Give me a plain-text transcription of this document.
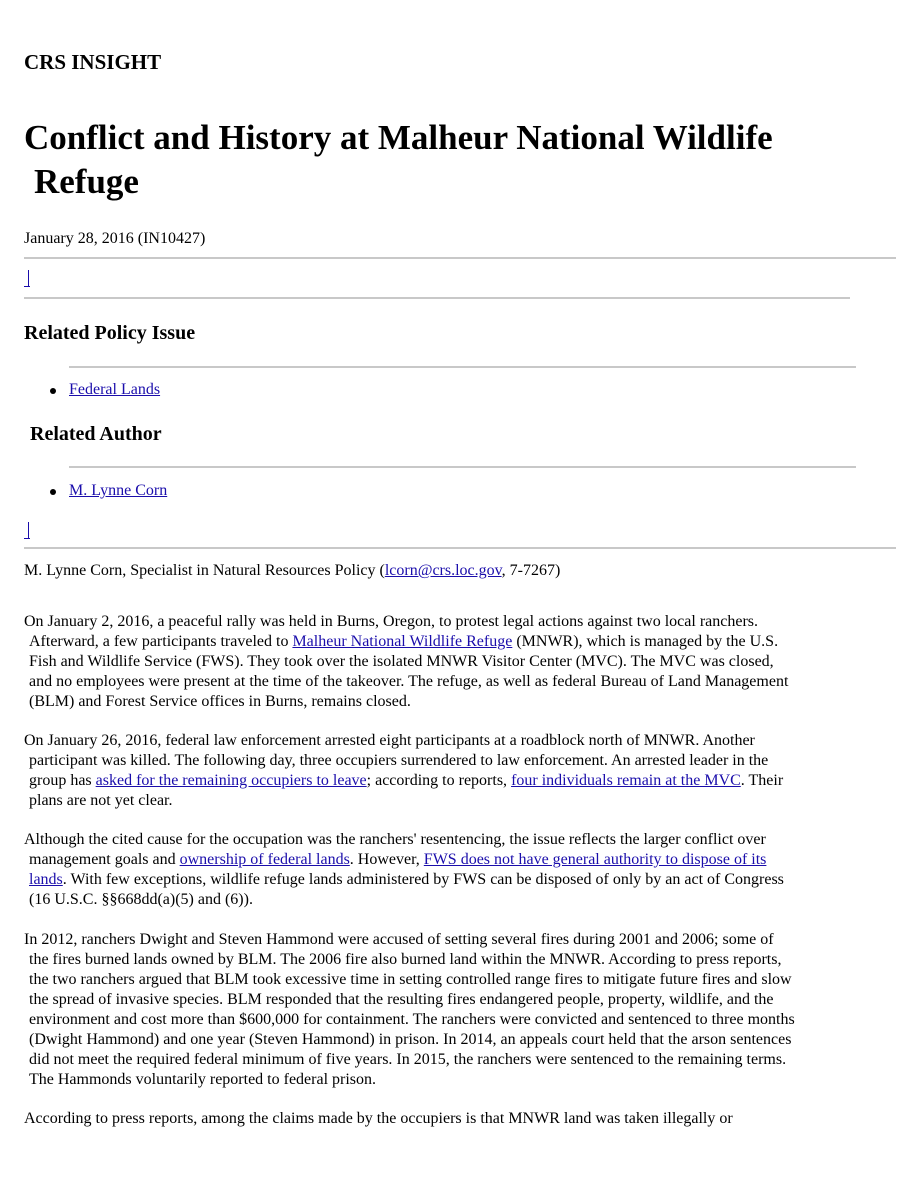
CRS INSIGHT
Conflict and History at Malheur National Wildlife
Refuge

January 28, 2016 (IN10427)

Related Policy Issue
Federal Lands
Related Author
M. Lynne Corn

M. Lynne Corn, Specialist in Natural Resources Policy (lcorn@crs.loc.gov, 7-7267)

On January 2, 2016, a peaceful rally was held in Burns, Oregon, to protest legal actions against two local ranchers.
Afterward, a few participants traveled to Malheur National Wildlife Refuge (MNWR), which is managed by the U.S.
Fish and Wildlife Service (FWS). They took over the isolated MNWR Visitor Center (MVC). The MVC was closed,
and no employees were present at the time of the takeover. The refuge, as well as federal Bureau of Land Management
(BLM) and Forest Service offices in Burns, remains closed.
On January 26, 2016, federal law enforcement arrested eight participants at a roadblock north of MNWR. Another
participant was killed. The following day, three occupiers surrendered to law enforcement. An arrested leader in the
group has asked for the remaining occupiers to leave; according to reports, four individuals remain at the MVC. Their
plans are not yet clear.
Although the cited cause for the occupation was the ranchers' resentencing, the issue reflects the larger conflict over
management goals and ownership of federal lands. However, FWS does not have general authority to dispose of its
lands. With few exceptions, wildlife refuge lands administered by FWS can be disposed of only by an act of Congress
(16 U.S.C. §§668dd(a)(5) and (6)).
In 2012, ranchers Dwight and Steven Hammond were accused of setting several fires during 2001 and 2006; some of
the fires burned lands owned by BLM. The 2006 fire also burned land within the MNWR. According to press reports,
the two ranchers argued that BLM took excessive time in setting controlled range fires to mitigate future fires and slow
the spread of invasive species. BLM responded that the resulting fires endangered people, property, wildlife, and the
environment and cost more than $600,000 for containment. The ranchers were convicted and sentenced to three months
(Dwight Hammond) and one year (Steven Hammond) in prison. In 2014, an appeals court held that the arson sentences
did not meet the required federal minimum of five years. In 2015, the ranchers were sentenced to the remaining terms.
The Hammonds voluntarily reported to federal prison.
According to press reports, among the claims made by the occupiers is that MNWR land was taken illegally or
